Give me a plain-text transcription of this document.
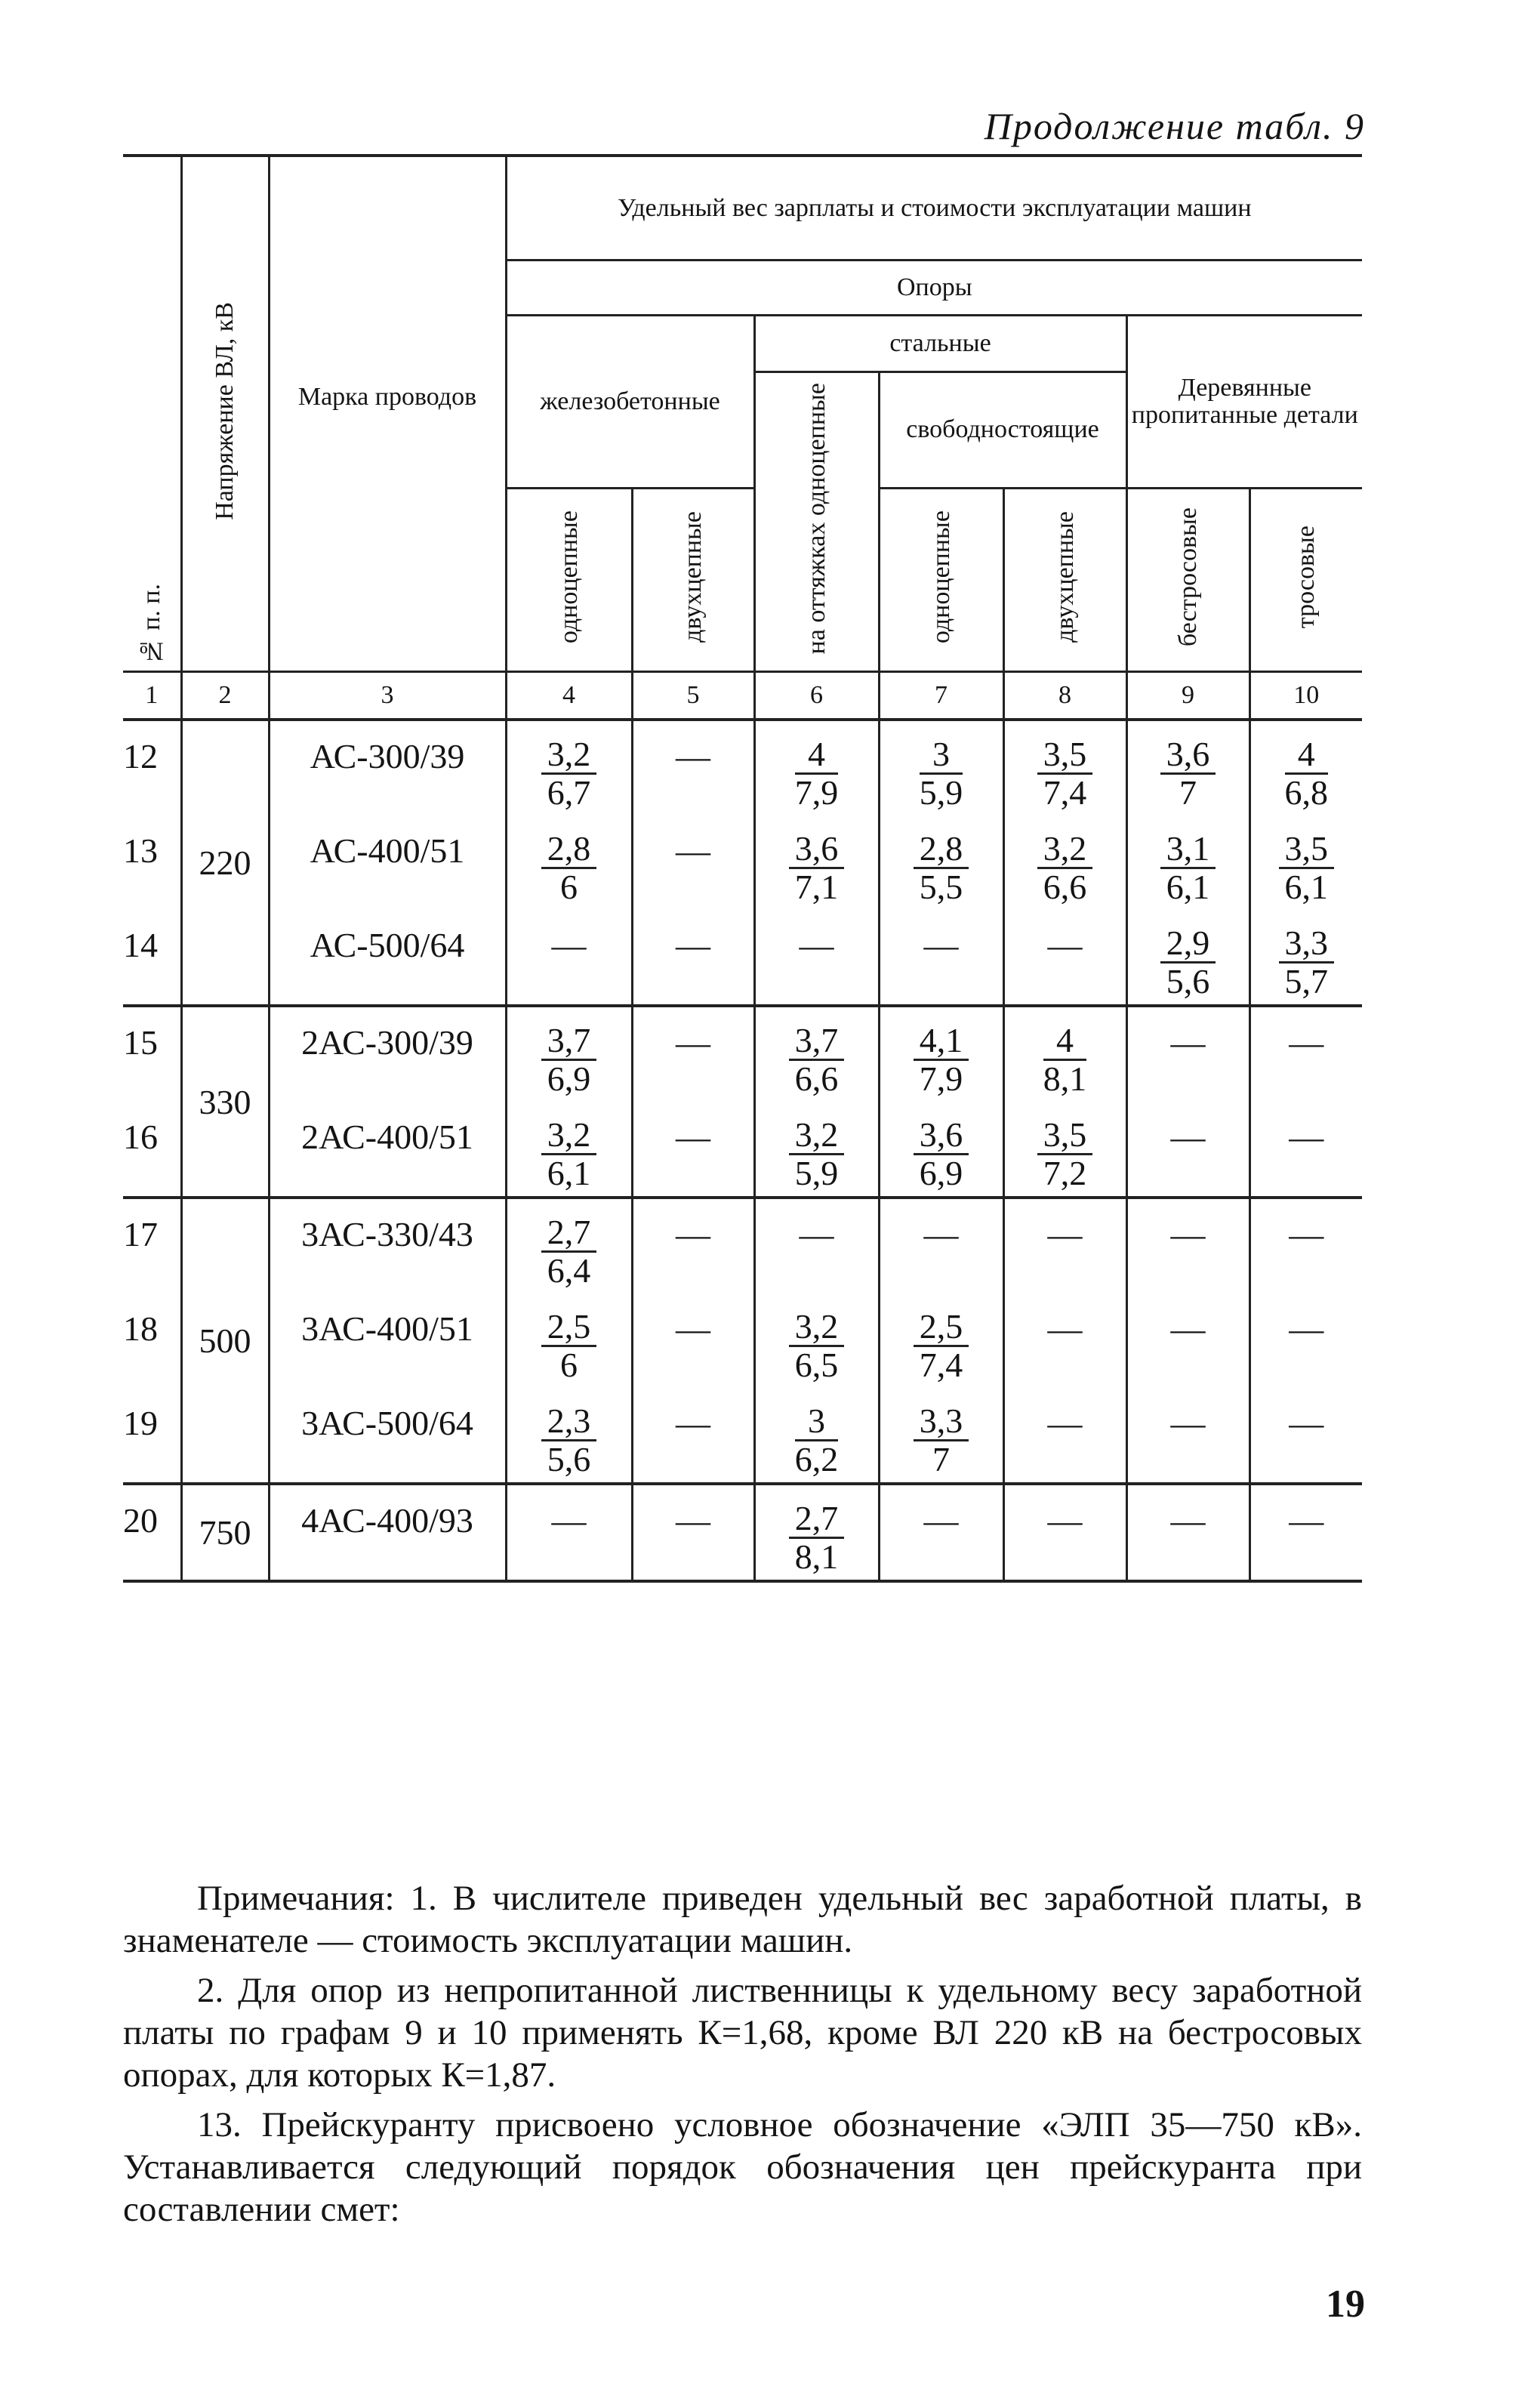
Продолжение табл. 9
№ п. п.	Напряжение ВЛ, кВ	Марка проводов	Удельный вес зарплаты и стоимости эксплуатации машин						
			Опоры						
			железобетонные		стальные			Деревянные пропитанные детали	
					на оттяжках одноцепные	свободностоящие			
			одноцепные	двухцепные		одноцепные	двухцепные	бестросовые	тросовые
1	2	3	4	5	6	7	8	9	10
12	220	АС-300/39	$\frac{3,2}{6,7}$	—	$\frac{4}{7,9}$	$\frac{3}{5,9}$	$\frac{3,5}{7,4}$	$\frac{3,6}{7}$	$\frac{4}{6,8}$

13		АС-400/51	$\frac{2,8}{6}$	—	$\frac{3,6}{7,1}$	$\frac{2,8}{5,5}$	$\frac{3,2}{6,6}$	$\frac{3,1}{6,1}$	$\frac{3,5}{6,1}$

14		АС-500/64	—	—	—	—	—	$\frac{2,9}{5,6}$	$\frac{3,3}{5,7}$

15	330	2АС-300/39	$\frac{3,7}{6,9}$	—	$\frac{3,7}{6,6}$	$\frac{4,1}{7,9}$	$\frac{4}{8,1}$	—	—

16		2АС-400/51	$\frac{3,2}{6,1}$	—	$\frac{3,2}{5,9}$	$\frac{3,6}{6,9}$	$\frac{3,5}{7,2}$	—	—

17	500	3АС-330/43	$\frac{2,7}{6,4}$	—	—	—	—	—	—

18		3АС-400/51	$\frac{2,5}{6}$	—	$\frac{3,2}{6,5}$	$\frac{2,5}{7,4}$	—	—	—

19		3АС-500/64	$\frac{2,3}{5,6}$	—	$\frac{3}{6,2}$	$\frac{3,3}{7}$	—	—	—

20	750	4АС-400/93	—	—	$\frac{2,7}{8,1}$	—	—	—	—

Примечания: 1. В числителе приведен удельный вес заработной платы, в знаменателе — стоимость эксплуатации машин.

2. Для опор из непропитанной лиственницы к удельному весу заработной платы по графам 9 и 10 применять К=1,68, кроме ВЛ 220 кВ на бестросовых опорах, для которых К=1,87.

13. Прейскуранту присвоено условное обозначение «ЭЛП 35—750 кВ». Устанавливается следующий порядок обозначения цен прейскуранта при составлении смет:

19
